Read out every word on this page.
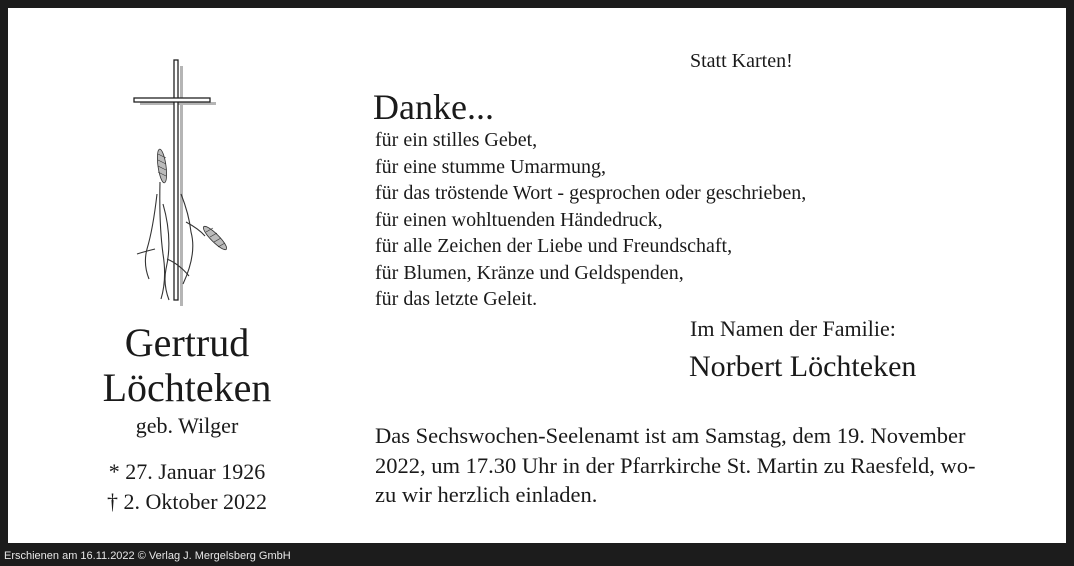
Gertrud
Löchteken
geb. Wilger
* 27. Januar 1926
† 2. Oktober 2022
Statt Karten!
Danke...
für ein stilles Gebet,
für eine stumme Umarmung,
für das tröstende Wort - gesprochen oder geschrieben,
für einen wohltuenden Händedruck,
für alle Zeichen der Liebe und Freundschaft,
für Blumen, Kränze und Geldspenden,
für das letzte Geleit.
Im Namen der Familie:
Norbert Löchteken
Das Sechswochen-Seelenamt ist am Samstag, dem 19. November
2022, um 17.30 Uhr in der Pfarrkirche St. Martin zu Raesfeld, wo-
zu wir herzlich einladen.
Erschienen am 16.11.2022 © Verlag J. Mergelsberg GmbH
